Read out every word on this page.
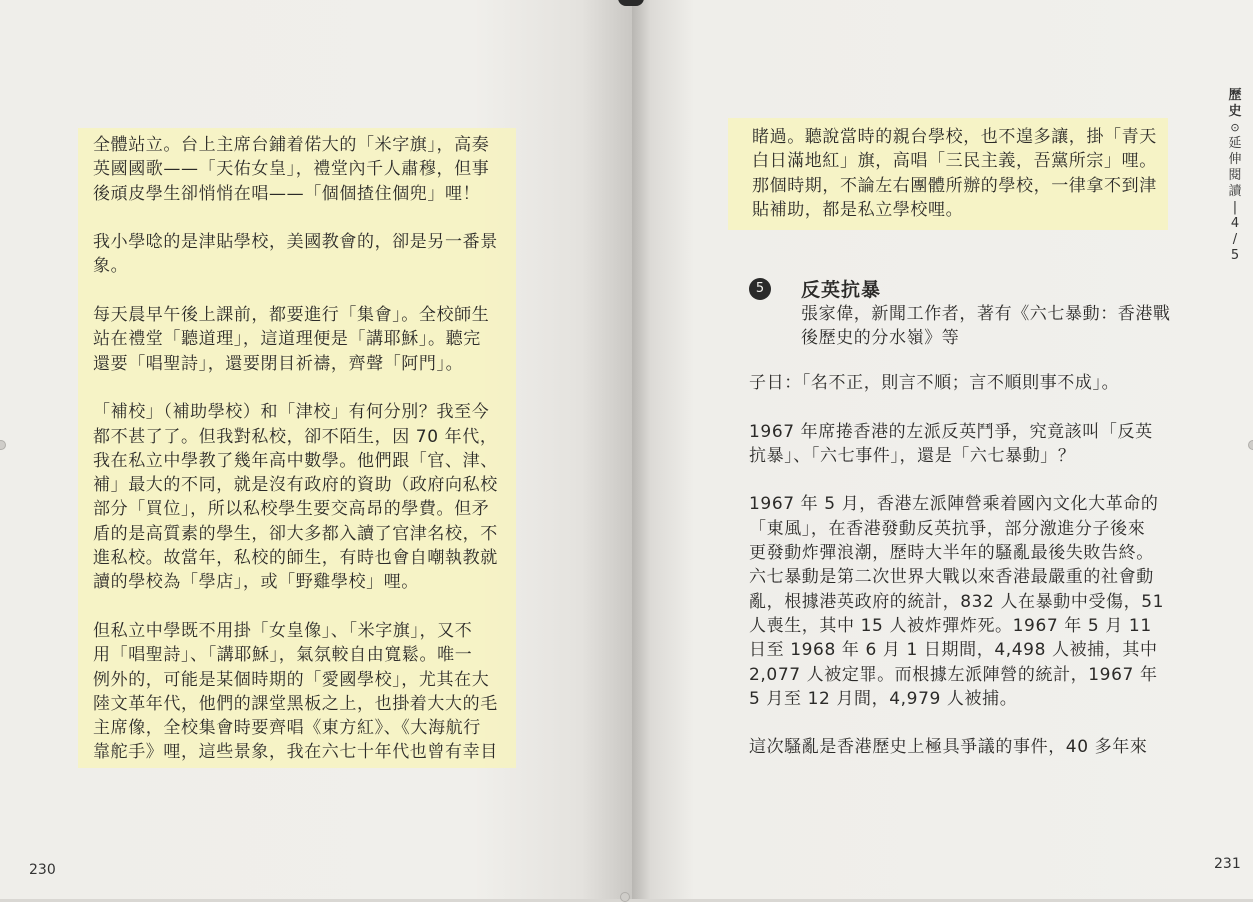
全體站立。台上主席台鋪着偌大的「米字旗」，高奏
英國國歌——「天佑女皇」，禮堂內千人肅穆，但事
後頑皮學生卻悄悄在唱——「個個揸住個兜」哩！
我小學唸的是津貼學校，美國教會的，卻是另一番景
象。
每天晨早午後上課前，都要進行「集會」。全校師生
站在禮堂「聽道理」，這道理便是「講耶穌」。聽完
還要「唱聖詩」，還要閉目祈禱，齊聲「阿門」。
「補校」（補助學校）和「津校」有何分別？我至今
都不甚了了。但我對私校，卻不陌生，因 70 年代，
我在私立中學教了幾年高中數學。他們跟「官、津、
補」最大的不同，就是沒有政府的資助（政府向私校
部分「買位」，所以私校學生要交高昂的學費。但矛
盾的是高質素的學生，卻大多都入讀了官津名校，不
進私校。故當年，私校的師生，有時也會自嘲執教就
讀的學校為「學店」，或「野雞學校」哩。
但私立中學既不用掛「女皇像」、「米字旗」，又不
用「唱聖詩」、「講耶穌」，氣氛較自由寬鬆。唯一
例外的，可能是某個時期的「愛國學校」，尤其在大
陸文革年代，他們的課堂黑板之上，也掛着大大的毛
主席像，全校集會時要齊唱《東方紅》、《大海航行
靠舵手》哩，這些景象，我在六七十年代也曾有幸目
230	231
睹過。聽說當時的親台學校，也不遑多讓，掛「青天
白日滿地紅」旗，高唱「三民主義，吾黨所宗」哩。
那個時期，不論左右團體所辦的學校，一律拿不到津
貼補助，都是私立學校哩。
5	反英抗暴
張家偉，新聞工作者，著有《六七暴動：香港戰
後歷史的分水嶺》等
子日：「名不正，則言不順；言不順則事不成」。
1967 年席捲香港的左派反英鬥爭，究竟該叫「反英
抗暴」、「六七事件」，還是「六七暴動」？
1967 年 5 月，香港左派陣營乘着國內文化大革命的
「東風」，在香港發動反英抗爭，部分激進分子後來
更發動炸彈浪潮，歷時大半年的騷亂最後失敗告終。
六七暴動是第二次世界大戰以來香港最嚴重的社會動
亂，根據港英政府的統計，832 人在暴動中受傷，51
人喪生，其中 15 人被炸彈炸死。1967 年 5 月 11
日至 1968 年 6 月 1 日期間，4,498 人被捕，其中
2,077 人被定罪。而根據左派陣營的統計，1967 年
5 月至 12 月間，4,979 人被捕。
這次騷亂是香港歷史上極具爭議的事件，40 多年來
歷
史
⊙
延
伸
閱
讀
|
4
/
5
